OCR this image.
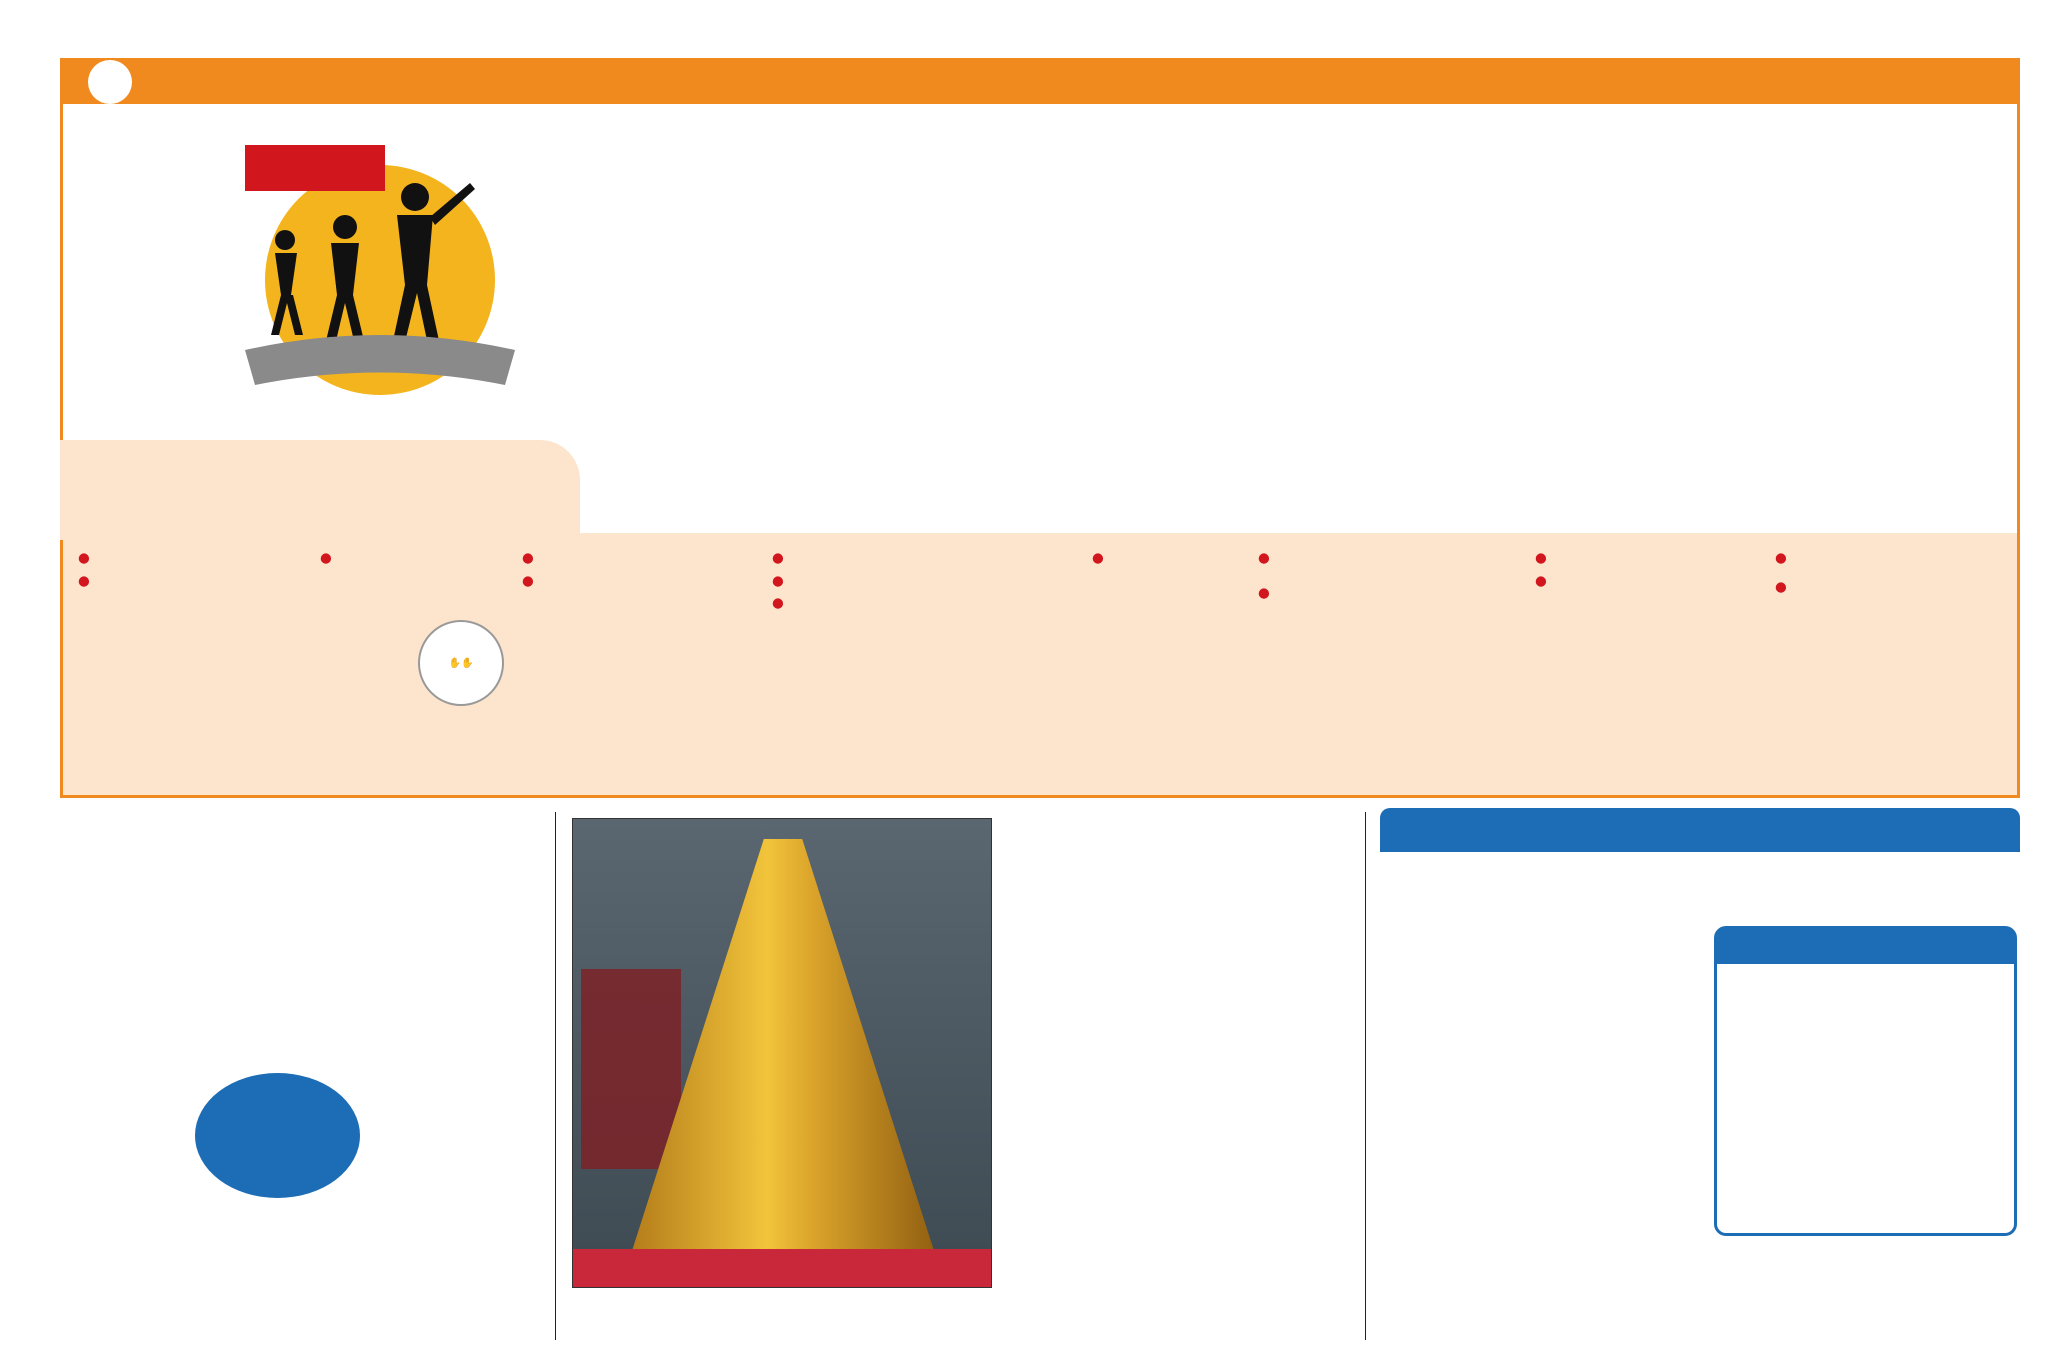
●
●
●
✋✋
●
●
●
●
●
●	●
●
●
●
●
●
